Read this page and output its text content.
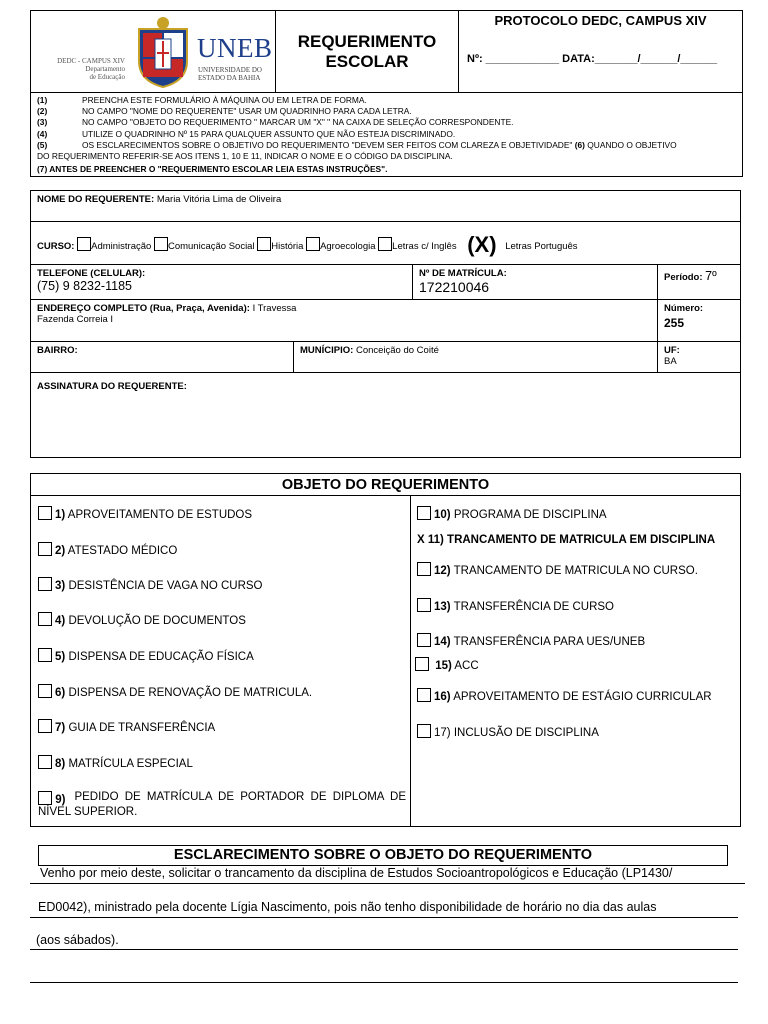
DEDC - CAMPUS XIV
Departamento
de Educação
UNEB
UNIVERSIDADE DO
ESTADO DA BAHIA
REQUERIMENTO
ESCOLAR
PROTOCOLO DEDC, CAMPUS XIV
Nº: ____________ DATA:_______/______/______
(1)	PREENCHA ESTE FORMULÁRIO À MÁQUINA OU EM LETRA DE FORMA.
(2)	NO CAMPO "NOME DO REQUERENTE" USAR UM QUADRINHO PARA CADA LETRA.
(3)	NO CAMPO "OBJETO DO REQUERIMENTO " MARCAR UM "X" " NA CAIXA DE SELEÇÃO CORRESPONDENTE.
(4)	UTILIZE O QUADRINHO Nº 15 PARA QUALQUER ASSUNTO QUE NÃO ESTEJA DISCRIMINADO.
(5)	OS ESCLARECIMENTOS SOBRE O OBJETIVO DO REQUERIMENTO "DEVEM SER FEITOS COM CLAREZA E OBJETIVIDADE" (6) QUANDO O OBJETIVO
DO REQUERIMENTO REFERIR-SE AOS ITENS 1, 10 E 11, INDICAR O NOME E O CÓDIGO DA DISCIPLINA.
(7) ANTES DE PREENCHER O "REQUERIMENTO ESCOLAR LEIA ESTAS INSTRUÇÕES".
NOME DO REQUERENTE: Maria Vitória Lima de Oliveira
CURSO: Administração Comunicação Social História Agroecologia Letras c/ Inglês (X) Letras Português
TELEFONE (CELULAR):
(75) 9 8232-1185
Nº DE MATRÍCULA:
172210046
Período: 7º
ENDEREÇO COMPLETO (Rua, Praça, Avenida): I Travessa
Fazenda Correia I
Número:
255
BAIRRO:	MUNÍCIPIO: Conceição do Coité	UF:
BA
ASSINATURA DO REQUERENTE:
OBJETO DO REQUERIMENTO
1) APROVEITAMENTO DE ESTUDOS
2) ATESTADO MÉDICO
3) DESISTÊNCIA DE VAGA NO CURSO
4) DEVOLUÇÃO DE DOCUMENTOS
5) DISPENSA DE EDUCAÇÃO FÍSICA
6) DISPENSA DE RENOVAÇÃO DE MATRICULA.
7) GUIA DE TRANSFERÊNCIA
8) MATRÍCULA ESPECIAL
9) PEDIDO DE MATRÍCULA DE PORTADOR DE DIPLOMA DE
NÍVEL SUPERIOR.
10) PROGRAMA DE DISCIPLINA
X 11) TRANCAMENTO DE MATRICULA EM DISCIPLINA
12) TRANCAMENTO DE MATRICULA NO CURSO.
13) TRANSFERÊNCIA DE CURSO
14) TRANSFERÊNCIA PARA UES/UNEB
15) ACC
16) APROVEITAMENTO DE ESTÁGIO CURRICULAR
17) INCLUSÃO DE DISCIPLINA
ESCLARECIMENTO SOBRE O OBJETO DO REQUERIMENTO
Venho por meio deste, solicitar o trancamento da disciplina de Estudos Socioantropológicos e Educação (LP1430/
ED0042), ministrado pela docente Lígia Nascimento, pois não tenho disponibilidade de horário no dia das aulas
(aos sábados).
